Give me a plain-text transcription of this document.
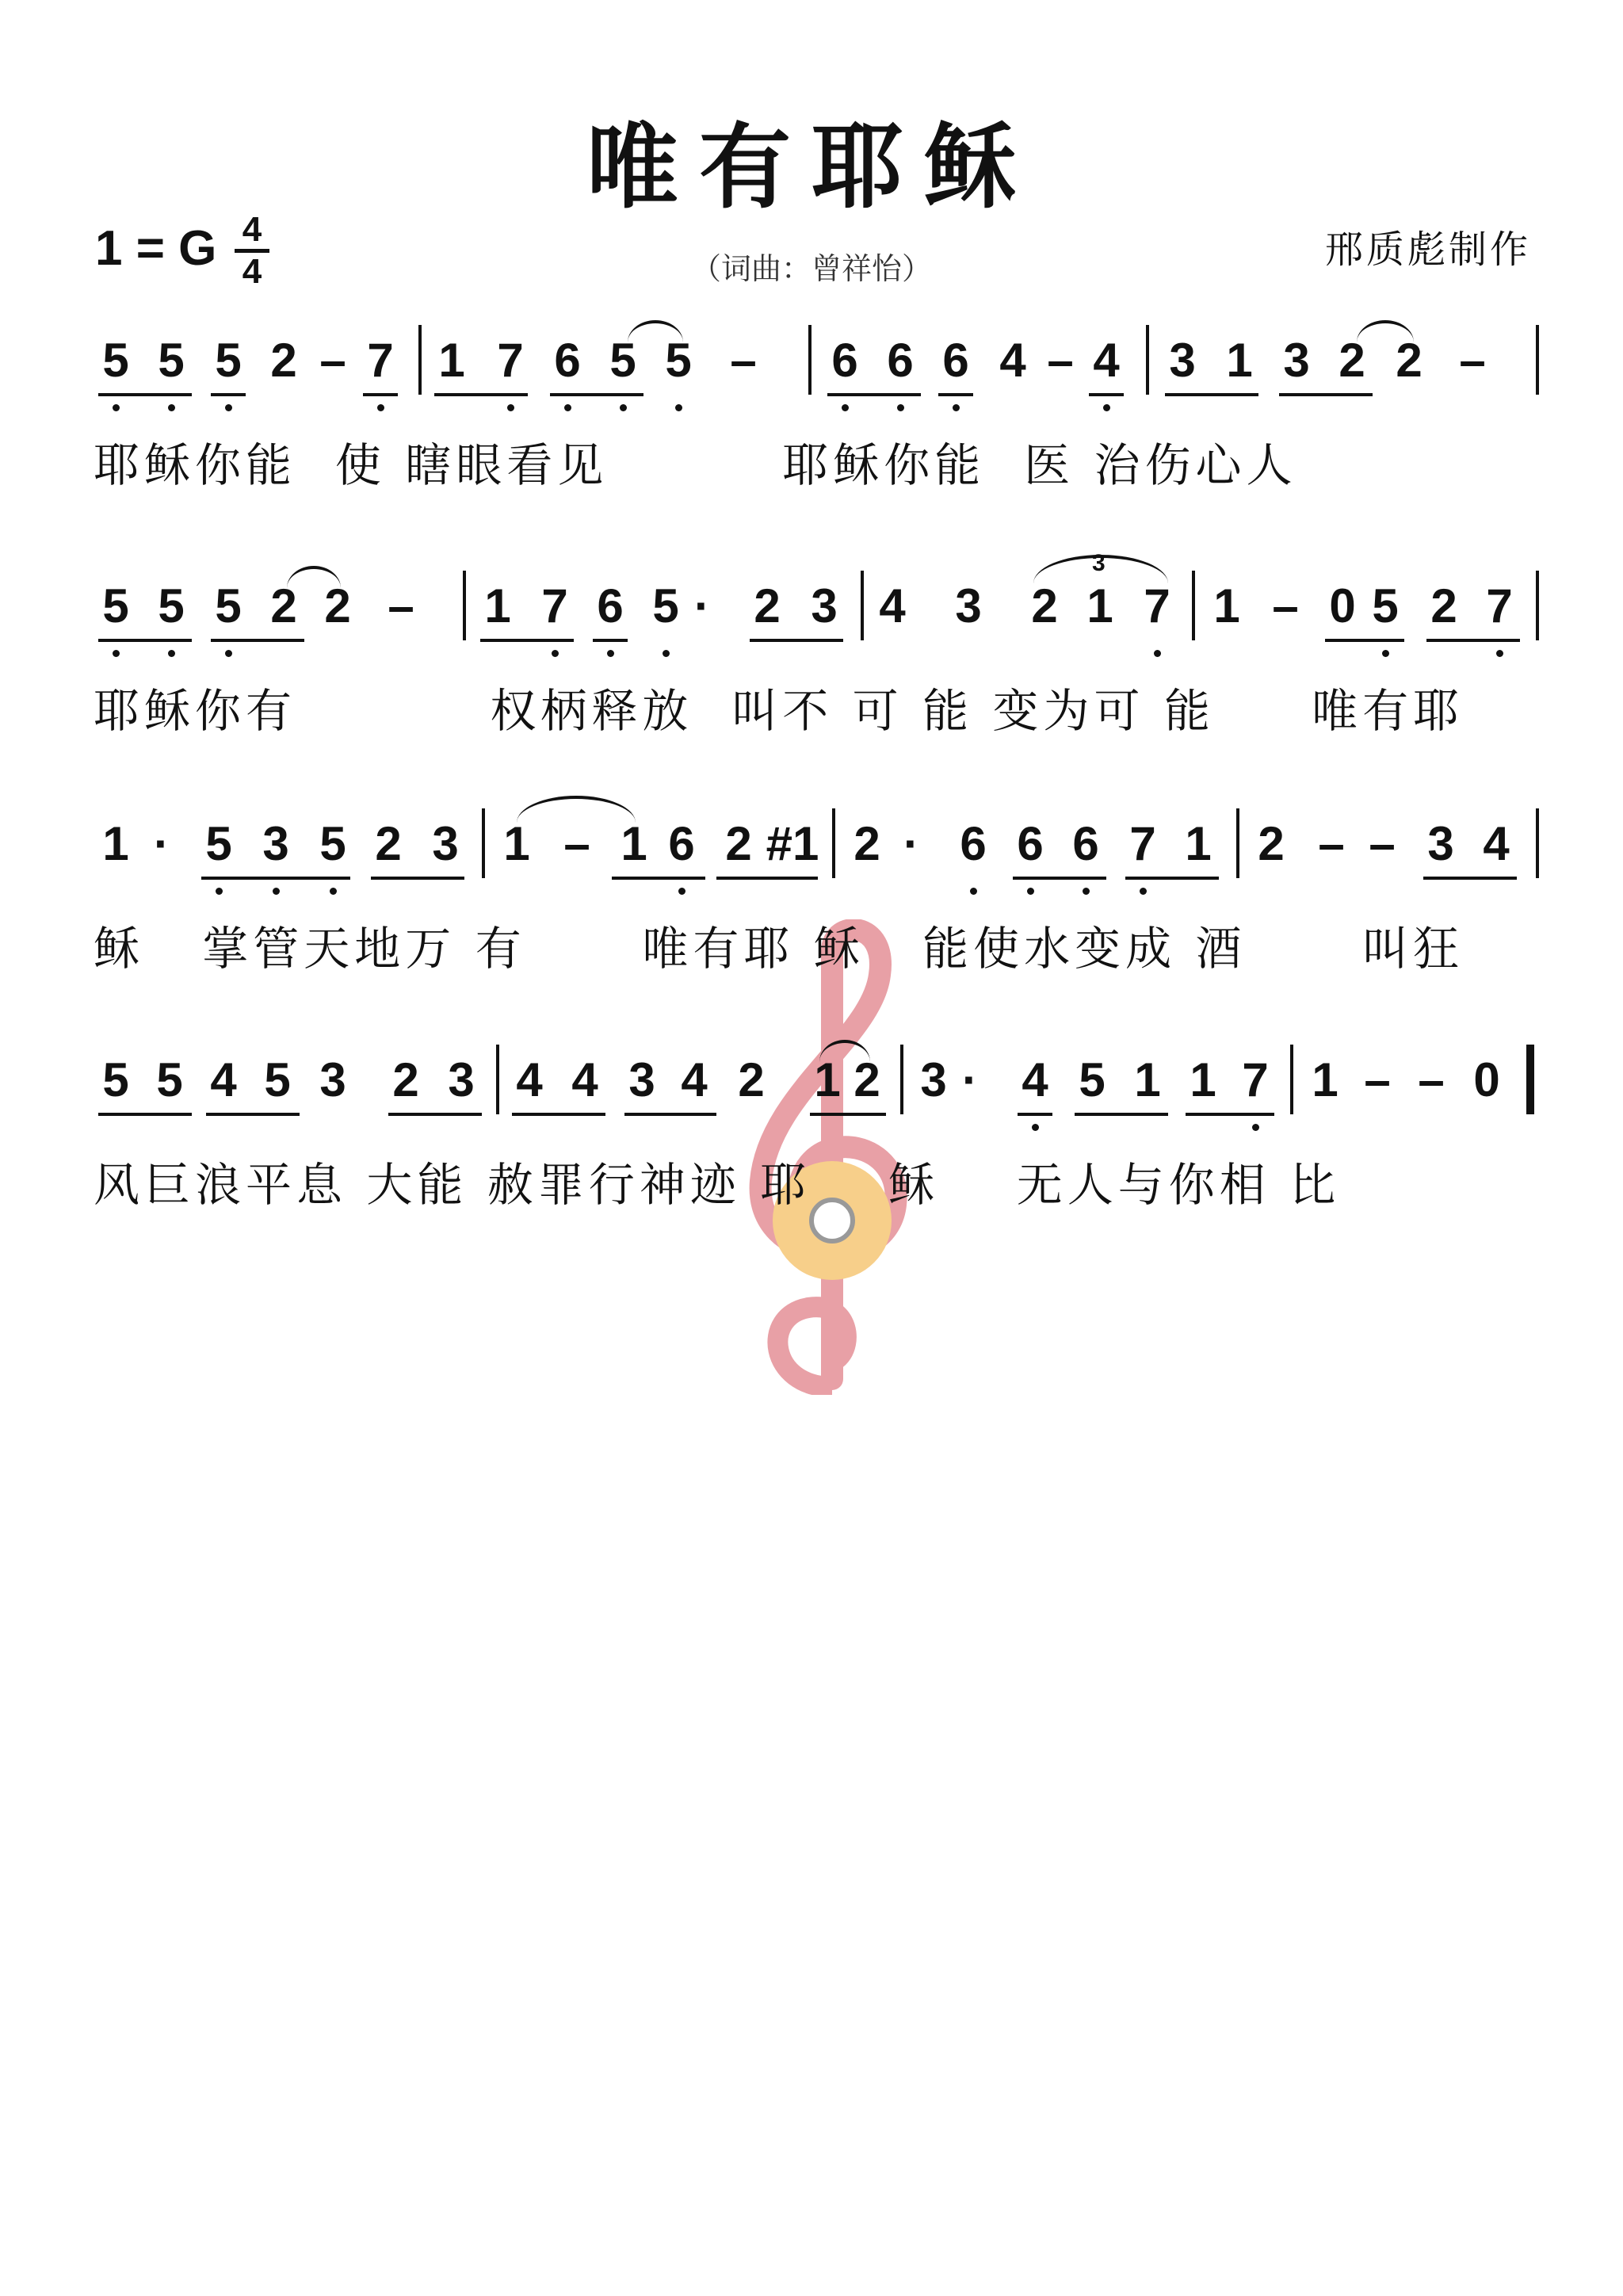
唯有耶稣
1 = G 4
4	（词曲：曾祥怡）	邢质彪制作
5 5 5 2 – 7 1 7 6 5 5 – 6 6 6 4 – 4 3 1 3 2 2 –
耶稣你能  使 瞎眼看见         耶稣你能  医 治伤心人
5 5 5 2 2 – 1 7 6 5 · 2 3 4 3 2 1 7 1 – 0 5 2 7
3
耶稣你有          权柄释放  叫不 可 能 变为可 能     唯有耶
1 · 5 3 5 2 3 1 – 1 6 2 #1 2 · 6 6 6 7 1 2 – – 3 4
稣   掌管天地万 有      唯有耶 稣   能使水变成 酒      叫狂
5 5 4 5 3 2 3 4 4 3 4 2 1 2 3 · 4 5 1 1 7 1 – – 0
风巨浪平息 大能 赦罪行神迹 耶    稣    无人与你相 比
